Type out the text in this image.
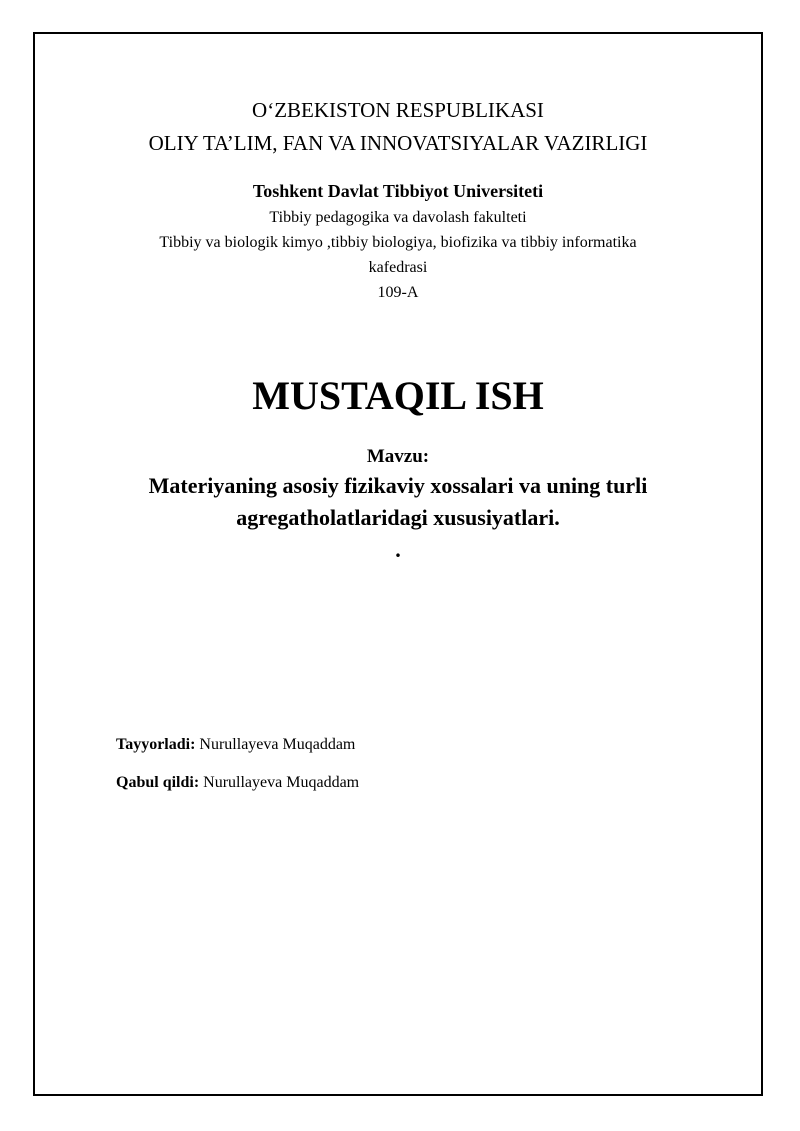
O‘ZBEKISTON RESPUBLIKASI
OLIY TA’LIM, FAN VA INNOVATSIYALAR VAZIRLIGI
Toshkent Davlat Tibbiyot Universiteti
Tibbiy pedagogika va davolash fakulteti
Tibbiy va biologik kimyo ,tibbiy biologiya, biofizika va tibbiy informatika
kafedrasi
109-A
MUSTAQIL ISH
Mavzu:
Materiyaning asosiy fizikaviy xossalari va uning turli
agregatholatlaridagi xususiyatlari.
.
Tayyorladi: Nurullayeva Muqaddam
Qabul qildi: Nurullayeva Muqaddam
